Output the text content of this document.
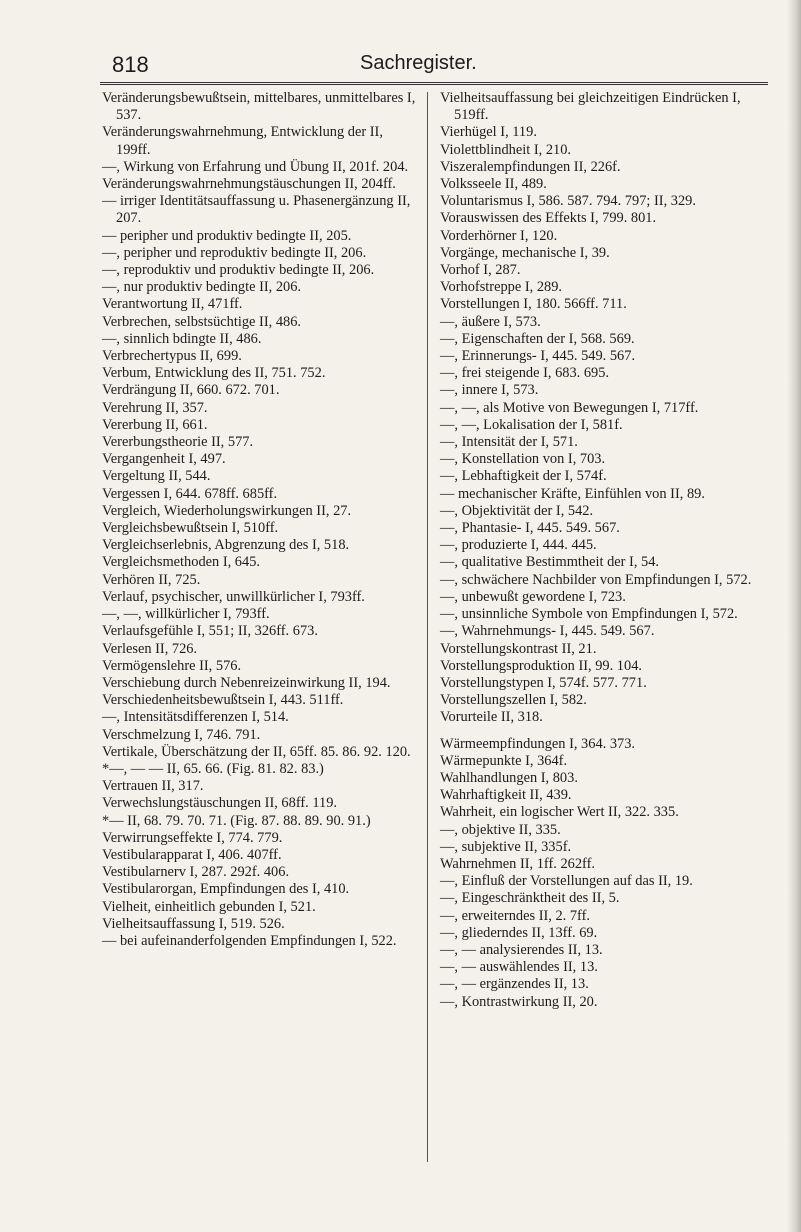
818	Sachregister.

Veränderungsbewußtsein, mittelbares, unmittelbares I, 537.

Veränderungswahrnehmung, Entwicklung der II, 199ff.

—, Wirkung von Erfahrung und Übung II, 201f. 204.

Veränderungswahrnehmungstäuschungen II, 204ff.

— irriger Identitätsauffassung u. Phasenergänzung II, 207.

— peripher und produktiv bedingte II, 205.

—, peripher und reproduktiv bedingte II, 206.

—, reproduktiv und produktiv bedingte II, 206.

—, nur produktiv bedingte II, 206.

Verantwortung II, 471ff.

Verbrechen, selbstsüchtige II, 486.

—, sinnlich bdingte II, 486.

Verbrechertypus II, 699.

Verbum, Entwicklung des II, 751. 752.

Verdrängung II, 660. 672. 701.

Verehrung II, 357.

Vererbung II, 661.

Vererbungstheorie II, 577.

Vergangenheit I, 497.

Vergeltung II, 544.

Vergessen I, 644. 678ff. 685ff.

Vergleich, Wiederholungswirkungen II, 27.

Vergleichsbewußtsein I, 510ff.

Vergleichserlebnis, Abgrenzung des I, 518.

Vergleichsmethoden I, 645.

Verhören II, 725.

Verlauf, psychischer, unwillkürlicher I, 793ff.

—, —, willkürlicher I, 793ff.

Verlaufsgefühle I, 551; II, 326ff. 673.

Verlesen II, 726.

Vermögenslehre II, 576.

Verschiebung durch Nebenreizeinwirkung II, 194.

Verschiedenheitsbewußtsein I, 443. 511ff.

—, Intensitätsdifferenzen I, 514.

Verschmelzung I, 746. 791.

Vertikale, Überschätzung der II, 65ff. 85. 86. 92. 120.

*—, — — II, 65. 66. (Fig. 81. 82. 83.)

Vertrauen II, 317.

Verwechslungstäuschungen II, 68ff. 119.

*— II, 68. 79. 70. 71. (Fig. 87. 88. 89. 90. 91.)

Verwirrungseffekte I, 774. 779.

Vestibularapparat I, 406. 407ff.

Vestibularnerv I, 287. 292f. 406.

Vestibularorgan, Empfindungen des I, 410.

Vielheit, einheitlich gebunden I, 521.

Vielheitsauffassung I, 519. 526.

— bei aufeinanderfolgenden Empfindungen I, 522.

Vielheitsauffassung bei gleichzeitigen Eindrücken I, 519ff.

Vierhügel I, 119.

Violettblindheit I, 210.

Viszeralempfindungen II, 226f.

Volksseele II, 489.

Voluntarismus I, 586. 587. 794. 797; II, 329.

Vorauswissen des Effekts I, 799. 801.

Vorderhörner I, 120.

Vorgänge, mechanische I, 39.

Vorhof I, 287.

Vorhofstreppe I, 289.

Vorstellungen I, 180. 566ff. 711.

—, äußere I, 573.

—, Eigenschaften der I, 568. 569.

—, Erinnerungs- I, 445. 549. 567.

—, frei steigende I, 683. 695.

—, innere I, 573.

—, —, als Motive von Bewegungen I, 717ff.

—, —, Lokalisation der I, 581f.

—, Intensität der I, 571.

—, Konstellation von I, 703.

—, Lebhaftigkeit der I, 574f.

— mechanischer Kräfte, Einfühlen von II, 89.

—, Objektivität der I, 542.

—, Phantasie- I, 445. 549. 567.

—, produzierte I, 444. 445.

—, qualitative Bestimmtheit der I, 54.

—, schwächere Nachbilder von Empfindungen I, 572.

—, unbewußt gewordene I, 723.

—, unsinnliche Symbole von Empfindungen I, 572.

—, Wahrnehmungs- I, 445. 549. 567.

Vorstellungskontrast II, 21.

Vorstellungsproduktion II, 99. 104.

Vorstellungstypen I, 574f. 577. 771.

Vorstellungszellen I, 582.

Vorurteile II, 318.

Wärmeempfindungen I, 364. 373.

Wärmepunkte I, 364f.

Wahlhandlungen I, 803.

Wahrhaftigkeit II, 439.

Wahrheit, ein logischer Wert II, 322. 335.

—, objektive II, 335.

—, subjektive II, 335f.

Wahrnehmen II, 1ff. 262ff.

—, Einfluß der Vorstellungen auf das II, 19.

—, Eingeschränktheit des II, 5.

—, erweiterndes II, 2. 7ff.

—, gliederndes II, 13ff. 69.

—, — analysierendes II, 13.

—, — auswählendes II, 13.

—, — ergänzendes II, 13.

—, Kontrastwirkung II, 20.
